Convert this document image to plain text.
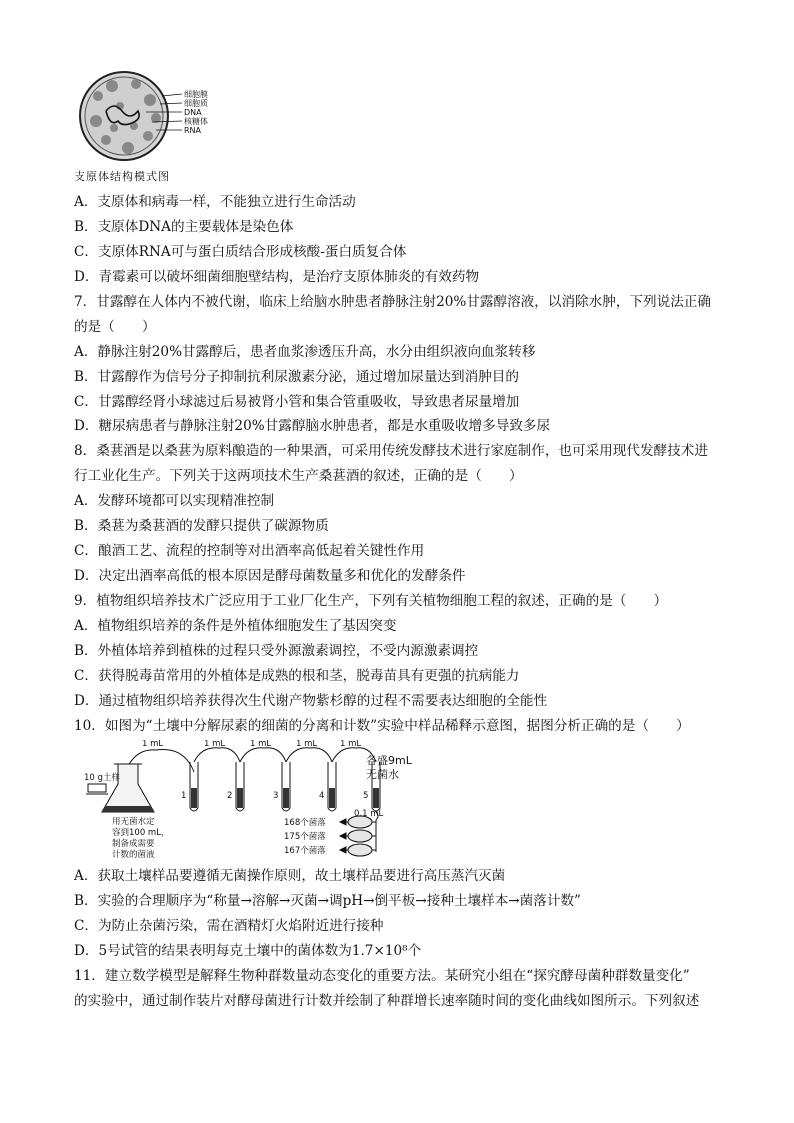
细胞膜
细胞质
DNA
核糖体
RNA
支原体结构模式图
A．支原体和病毒一样，不能独立进行生命活动
B．支原体DNA的主要载体是染色体
C．支原体RNA可与蛋白质结合形成核酸-蛋白质复合体
D．青霉素可以破坏细菌细胞壁结构，是治疗支原体肺炎的有效药物
7．甘露醇在人体内不被代谢，临床上给脑水肿患者静脉注射20%甘露醇溶液，以消除水肿，下列说法正确
的是（　　）
A．静脉注射20%甘露醇后，患者血浆渗透压升高，水分由组织液向血浆转移
B．甘露醇作为信号分子抑制抗利尿激素分泌，通过增加尿量达到消肿目的
C．甘露醇经肾小球滤过后易被肾小管和集合管重吸收，导致患者尿量增加
D．糖尿病患者与静脉注射20%甘露醇脑水肿患者，都是水重吸收增多导致多尿
8．桑葚酒是以桑葚为原料酿造的一种果酒，可采用传统发酵技术进行家庭制作，也可采用现代发酵技术进
行工业化生产。下列关于这两项技术生产桑葚酒的叙述，正确的是（　　）
A．发酵环境都可以实现精准控制
B．桑葚为桑葚酒的发酵只提供了碳源物质
C．酿酒工艺、流程的控制等对出酒率高低起着关键性作用
D．决定出酒率高低的根本原因是酵母菌数量多和优化的发酵条件
9．植物组织培养技术广泛应用于工业厂化生产，下列有关植物细胞工程的叙述，正确的是（　　）
A．植物组织培养的条件是外植体细胞发生了基因突变
B．外植体培养到植株的过程只受外源激素调控，不受内源激素调控
C．获得脱毒苗常用的外植体是成熟的根和茎，脱毒苗具有更强的抗病能力
D．通过植物组织培养获得次生代谢产物紫杉醇的过程不需要表达细胞的全能性
10．如图为“土壤中分解尿素的细菌的分离和计数”实验中样品稀释示意图，据图分析正确的是（　　）
1 mL	1 mL	1 mL	1 mL	1 mL
10 g土样
用无菌水定
容到100 mL，
制备成需要
计数的菌液
1	2	3	4	5
0.1 mL
168个菌落
175个菌落
167个菌落
各盛9mL
无菌水
A．获取土壤样品要遵循无菌操作原则，故土壤样品要进行高压蒸汽灭菌
B．实验的合理顺序为“称量→溶解→灭菌→调pH→倒平板→接种土壤样本→菌落计数”
C．为防止杂菌污染，需在酒精灯火焰附近进行接种
D．5号试管的结果表明每克土壤中的菌体数为1.7×10⁸个
11．建立数学模型是解释生物种群数量动态变化的重要方法。某研究小组在“探究酵母菌种群数量变化”
的实验中，通过制作装片对酵母菌进行计数并绘制了种群增长速率随时间的变化曲线如图所示。下列叙述
